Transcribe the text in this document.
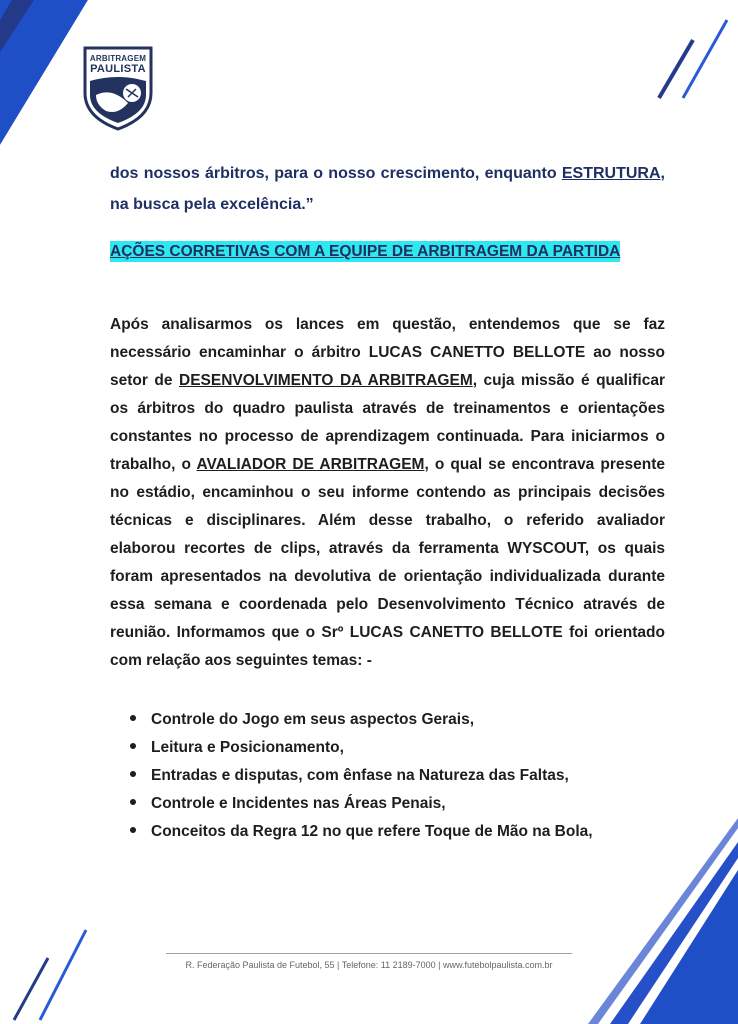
ARBITRAGEM
PAULISTA

dos nossos árbitros, para o nosso crescimento, enquanto ESTRUTURA, na busca pela excelência.”

AÇÕES CORRETIVAS COM A EQUIPE DE ARBITRAGEM DA PARTIDA

Após analisarmos os lances em questão, entendemos que se faz necessário encaminhar o árbitro LUCAS CANETTO BELLOTE ao nosso setor de DESENVOLVIMENTO DA ARBITRAGEM, cuja missão é qualificar os árbitros do quadro paulista através de treinamentos e orientações constantes no processo de aprendizagem continuada. Para iniciarmos o trabalho, o AVALIADOR DE ARBITRAGEM, o qual se encontrava presente no estádio, encaminhou o seu informe contendo as principais decisões técnicas e disciplinares. Além desse trabalho, o referido avaliador elaborou recortes de clips, através da ferramenta WYSCOUT, os quais foram apresentados na devolutiva de orientação individualizada durante essa semana e coordenada pelo Desenvolvimento Técnico através de reunião. Informamos que o Srº LUCAS CANETTO BELLOTE foi orientado com relação aos seguintes temas: -

Controle do Jogo em seus aspectos Gerais,
Leitura e Posicionamento,
Entradas e disputas, com ênfase na Natureza das Faltas,
Controle e Incidentes nas Áreas Penais,
Conceitos da Regra 12 no que refere Toque de Mão na Bola,
R. Federação Paulista de Futebol, 55 | Telefone: 11 2189-7000 | www.futebolpaulista.com.br
